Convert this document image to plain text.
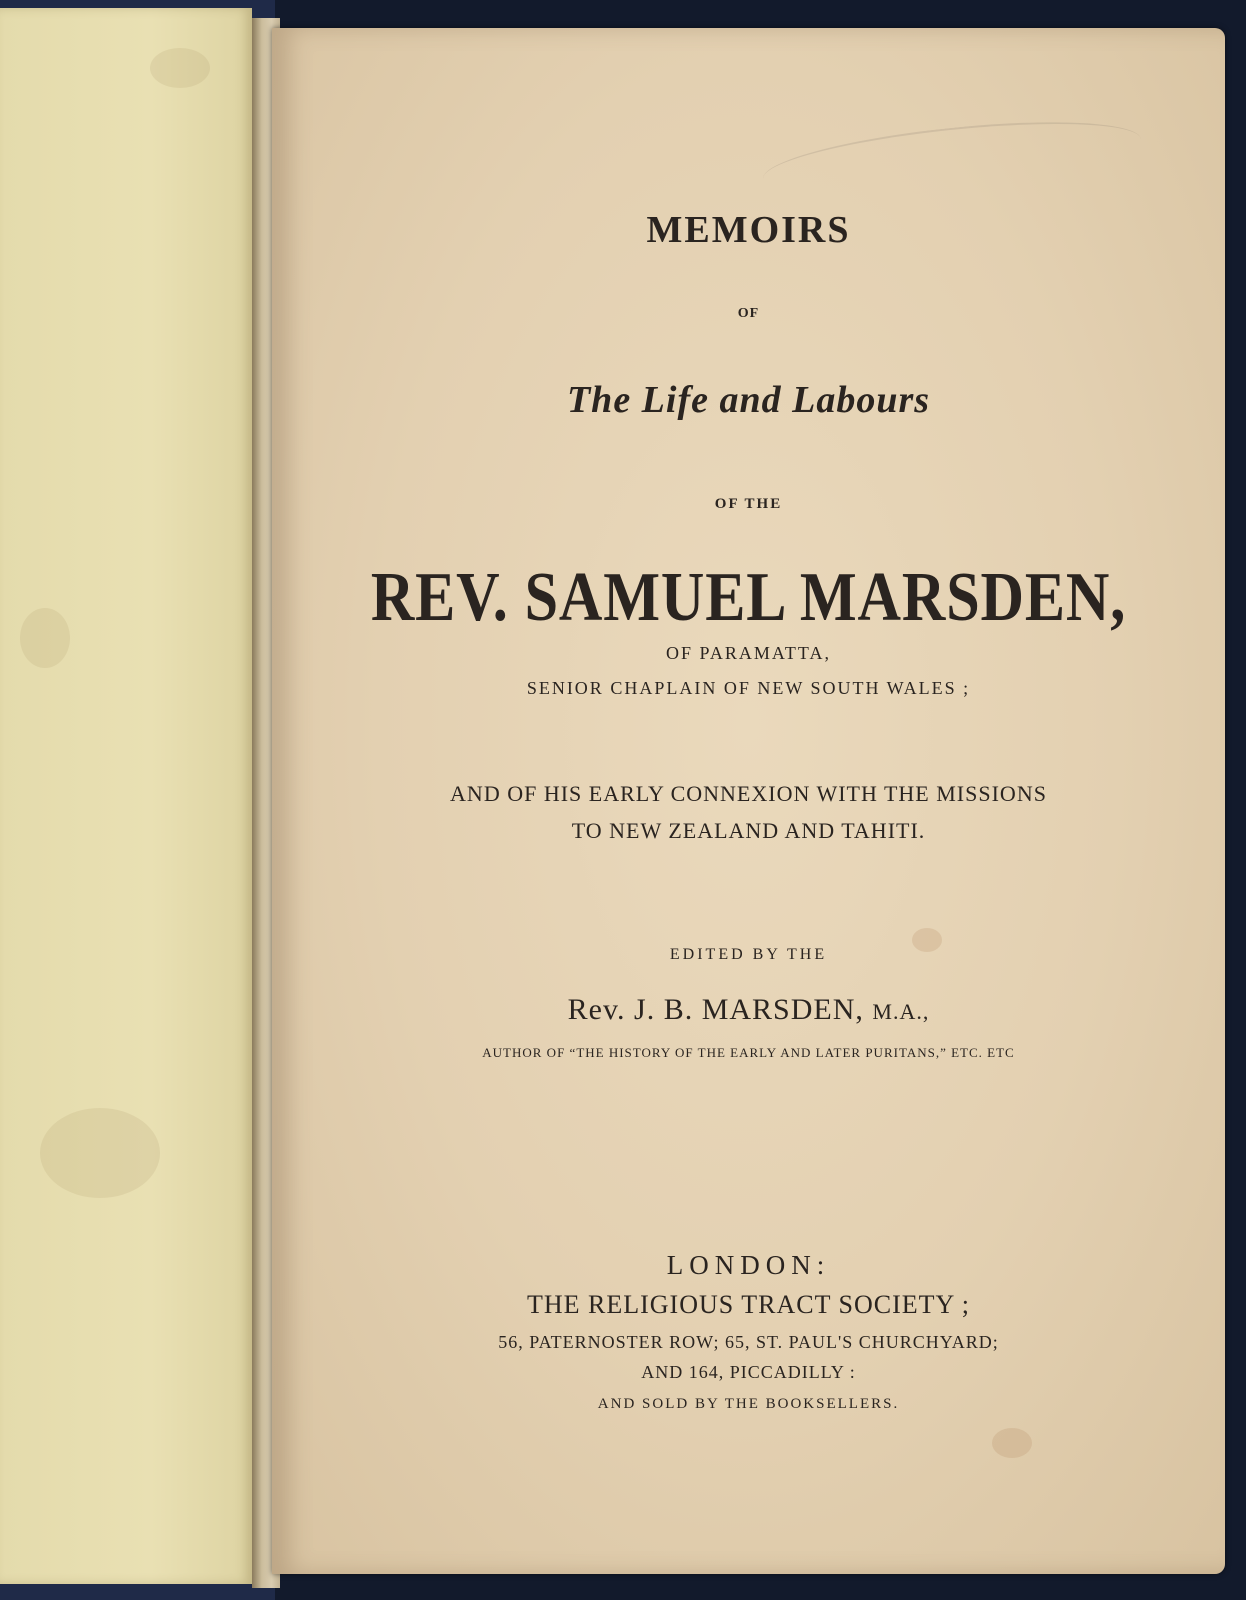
MEMOIRS
OF
The Life and Labours
OF THE
REV. SAMUEL MARSDEN,
OF PARAMATTA,
SENIOR CHAPLAIN OF NEW SOUTH WALES ;
AND OF HIS EARLY CONNEXION WITH THE MISSIONS
TO NEW ZEALAND AND TAHITI.
EDITED BY THE
Rev. J. B. MARSDEN, M.A.,
AUTHOR OF “THE HISTORY OF THE EARLY AND LATER PURITANS,” ETC. ETC
LONDON:
THE RELIGIOUS TRACT SOCIETY ;
56, PATERNOSTER ROW; 65, ST. PAUL'S CHURCHYARD;
AND 164, PICCADILLY :
AND SOLD BY THE BOOKSELLERS.
